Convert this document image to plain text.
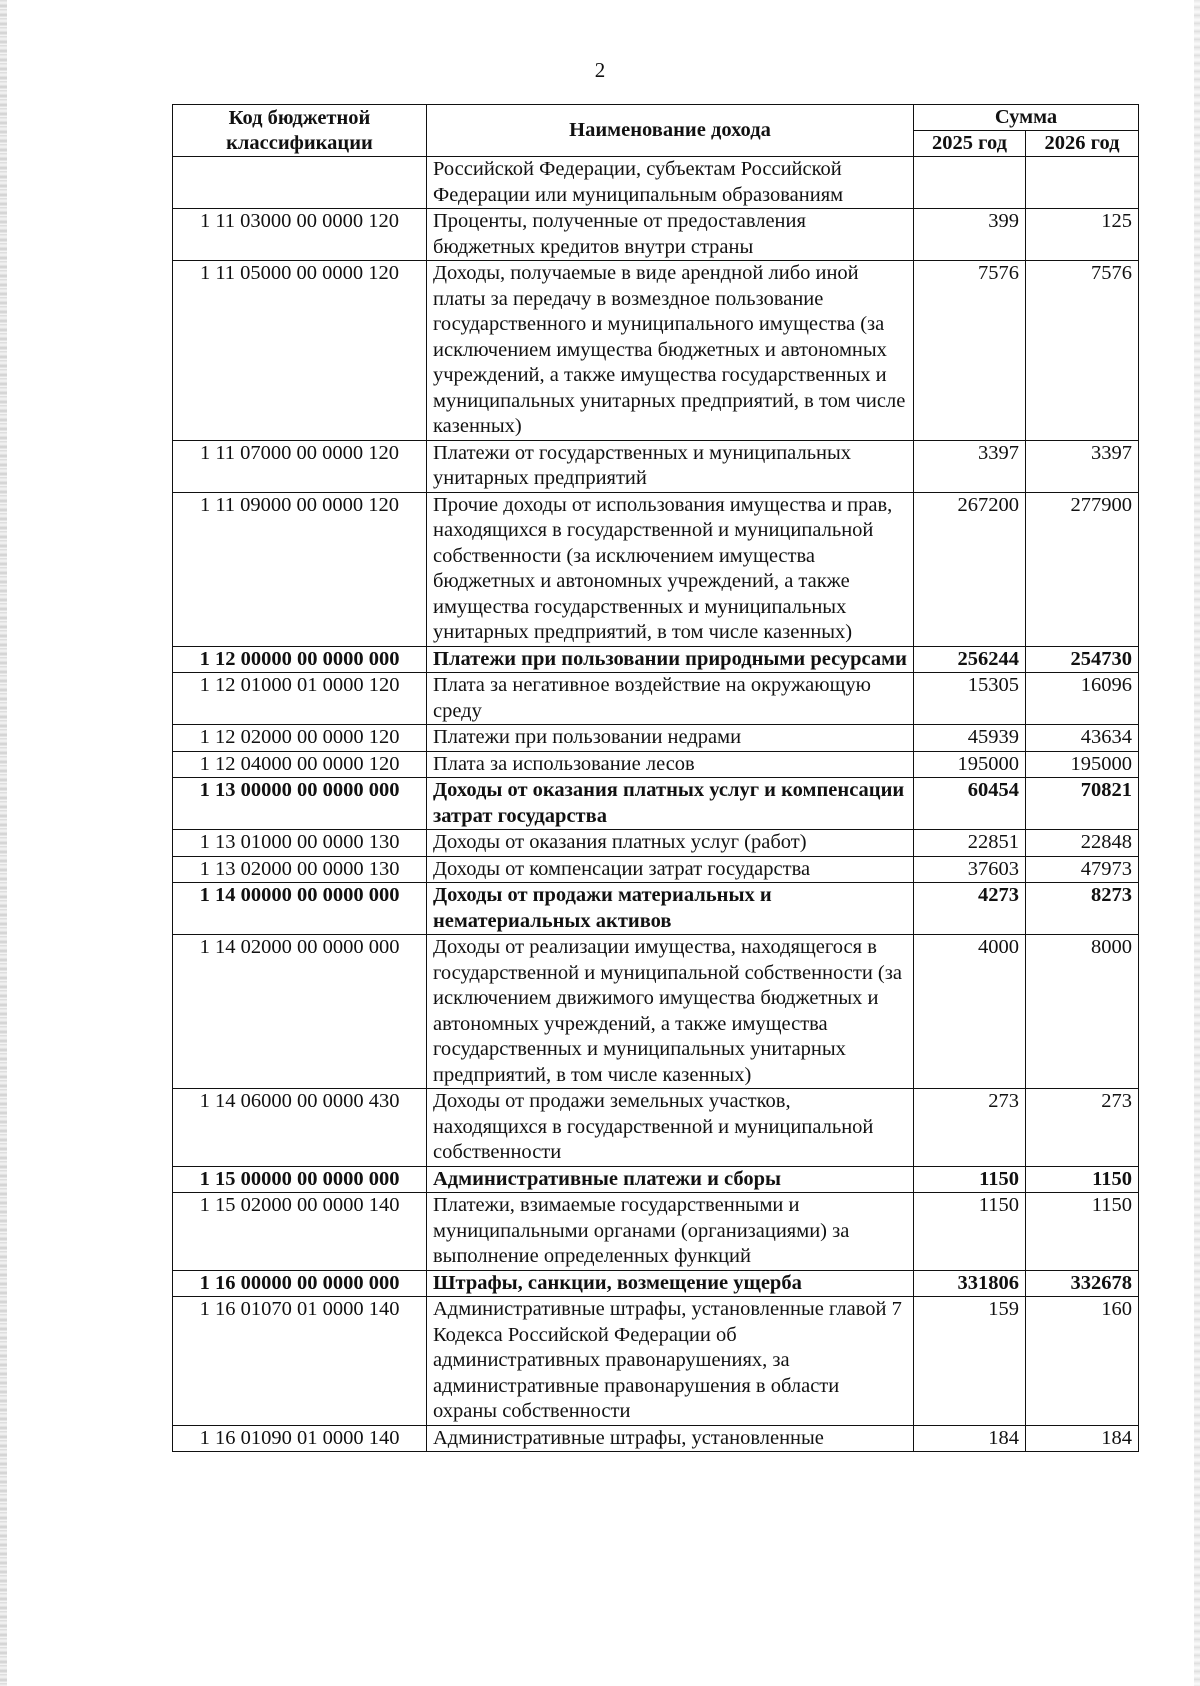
2
Код бюджетной классификации	Наименование дохода	Сумма	
		2025 год	2026 год
	Российской Федерации, субъектам Российской Федерации или муниципальным образованиям		
1 11 03000 00 0000 120	Проценты, полученные от предоставления бюджетных кредитов внутри страны	399	125
1 11 05000 00 0000 120	Доходы, получаемые в виде арендной либо иной платы за передачу в возмездное пользование государственного и муниципального имущества (за исключением имущества бюджетных и автономных учреждений, а также имущества государственных и муниципальных унитарных предприятий, в том числе казенных)	7576	7576
1 11 07000 00 0000 120	Платежи от государственных и муниципальных унитарных предприятий	3397	3397
1 11 09000 00 0000 120	Прочие доходы от использования имущества и прав, находящихся в государственной и муниципальной собственности (за исключением имущества бюджетных и автономных учреждений, а также имущества государственных и муниципальных унитарных предприятий, в том числе казенных)	267200	277900
1 12 00000 00 0000 000	Платежи при пользовании природными ресурсами	256244	254730
1 12 01000 01 0000 120	Плата за негативное воздействие на окружающую среду	15305	16096
1 12 02000 00 0000 120	Платежи при пользовании недрами	45939	43634
1 12 04000 00 0000 120	Плата за использование лесов	195000	195000
1 13 00000 00 0000 000	Доходы от оказания платных услуг и компенсации затрат государства	60454	70821
1 13 01000 00 0000 130	Доходы от оказания платных услуг (работ)	22851	22848
1 13 02000 00 0000 130	Доходы от компенсации затрат государства	37603	47973
1 14 00000 00 0000 000	Доходы от продажи материальных и нематериальных активов	4273	8273
1 14 02000 00 0000 000	Доходы от реализации имущества, находящегося в государственной и муниципальной собственности (за исключением движимого имущества бюджетных и автономных учреждений, а также имущества государственных и муниципальных унитарных предприятий, в том числе казенных)	4000	8000
1 14 06000 00 0000 430	Доходы от продажи земельных участков, находящихся в государственной и муниципальной собственности	273	273
1 15 00000 00 0000 000	Административные платежи и сборы	1150	1150
1 15 02000 00 0000 140	Платежи, взимаемые государственными и муниципальными органами (организациями) за выполнение определенных функций	1150	1150
1 16 00000 00 0000 000	Штрафы, санкции, возмещение ущерба	331806	332678
1 16 01070 01 0000 140	Административные штрафы, установленные главой 7 Кодекса Российской Федерации об административных правонарушениях, за административные правонарушения в области охраны собственности	159	160
1 16 01090 01 0000 140	Административные штрафы, установленные	184	184
